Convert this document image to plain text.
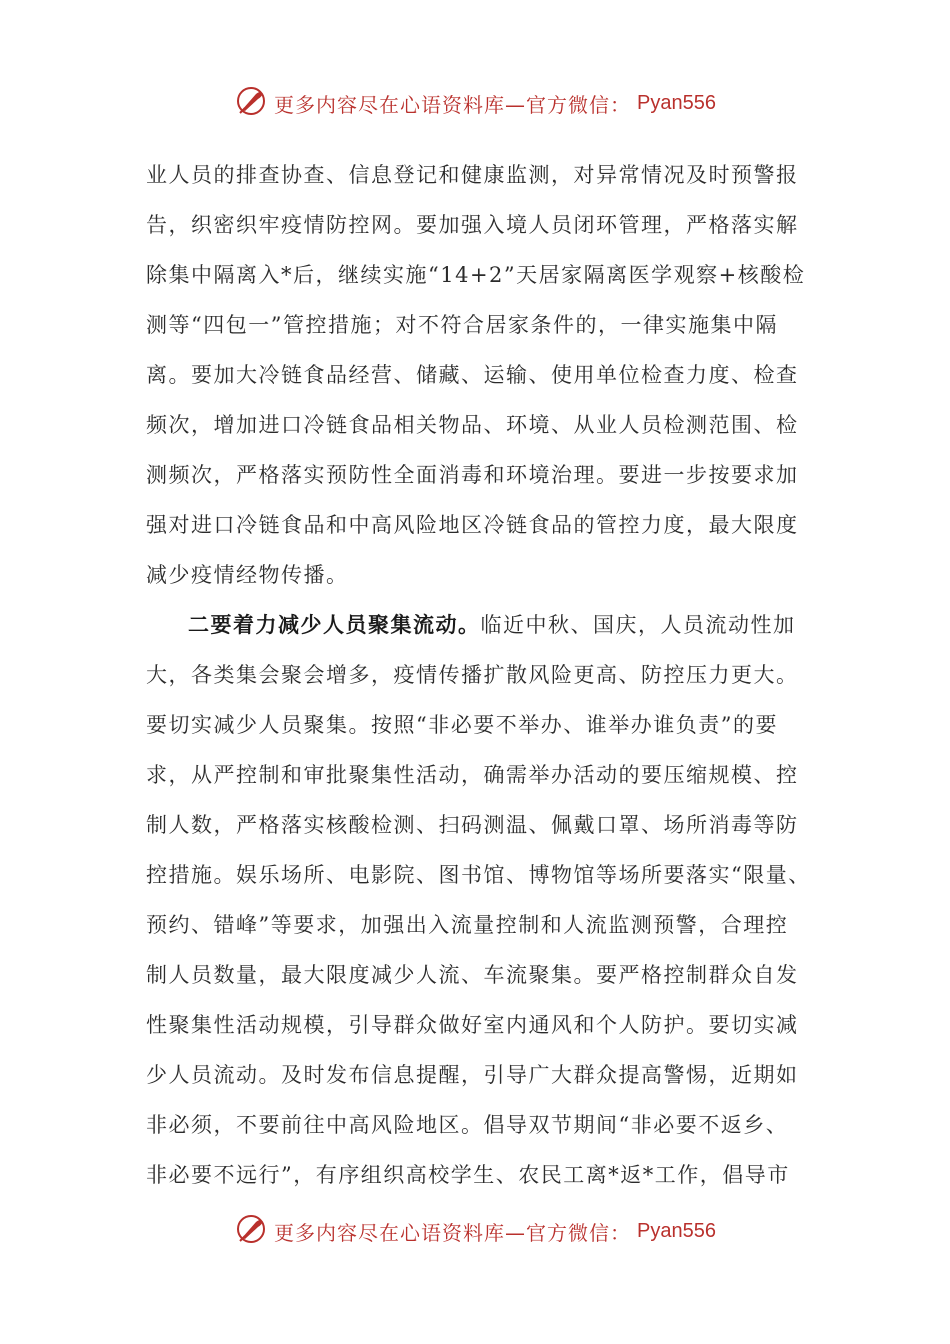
更多内容尽在心语资料库—官方微信： Pyan556
业人员的排查协查、信息登记和健康监测，对异常情况及时预警报
告，织密织牢疫情防控网。要加强入境人员闭环管理，严格落实解
除集中隔离入*后，继续实施“14+2”天居家隔离医学观察+核酸检
测等“四包一”管控措施；对不符合居家条件的，一律实施集中隔
离。要加大冷链食品经营、储藏、运输、使用单位检查力度、检查
频次，增加进口冷链食品相关物品、环境、从业人员检测范围、检
测频次，严格落实预防性全面消毒和环境治理。要进一步按要求加
强对进口冷链食品和中高风险地区冷链食品的管控力度，最大限度
减少疫情经物传播。
二要着力减少人员聚集流动。临近中秋、国庆，人员流动性加
大，各类集会聚会增多，疫情传播扩散风险更高、防控压力更大。
要切实减少人员聚集。按照“非必要不举办、谁举办谁负责”的要
求，从严控制和审批聚集性活动，确需举办活动的要压缩规模、控
制人数，严格落实核酸检测、扫码测温、佩戴口罩、场所消毒等防
控措施。娱乐场所、电影院、图书馆、博物馆等场所要落实“限量、
预约、错峰”等要求，加强出入流量控制和人流监测预警，合理控
制人员数量，最大限度减少人流、车流聚集。要严格控制群众自发
性聚集性活动规模，引导群众做好室内通风和个人防护。要切实减
少人员流动。及时发布信息提醒，引导广大群众提高警惕，近期如
非必须，不要前往中高风险地区。倡导双节期间“非必要不返乡、
非必要不远行”，有序组织高校学生、农民工离*返*工作，倡导市
更多内容尽在心语资料库—官方微信： Pyan556
